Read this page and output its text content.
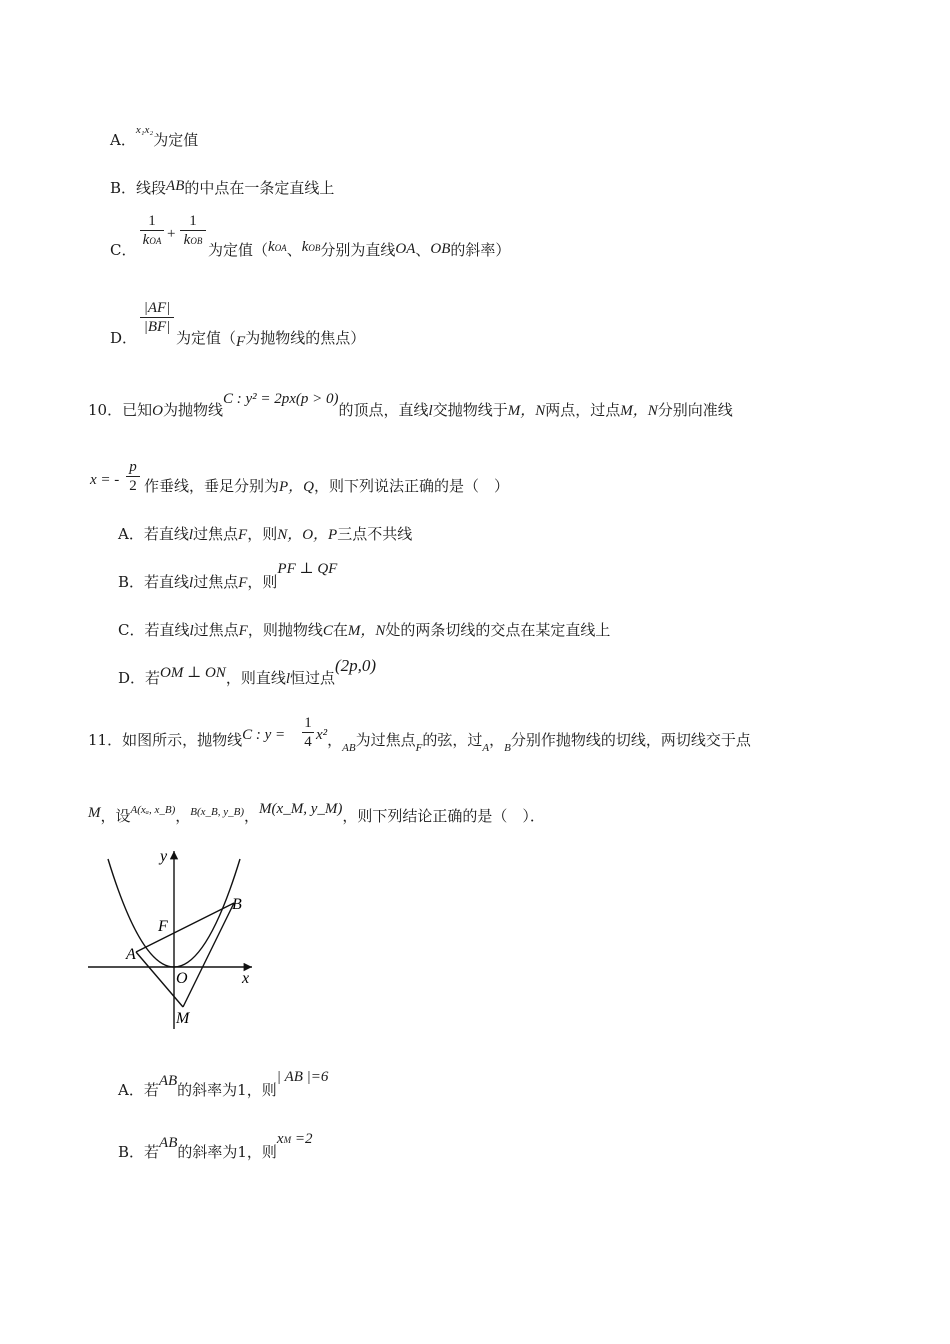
A．$^{x_1x_2}$为定值
B．线段AB的中点在一条定直线上
C．
1
kOA +
1
kOB 为定值（kOA、kOB分别为直线OA、OB的斜率）
D．
|AF|
|BF|
为定值（F为抛物线的焦点）
10．已知O为抛物线C : y² = 2px(p > 0)的顶点，直线l交抛物线于M，N两点，过点M，N分别向准线
x = -
p
2 作垂线，垂足分别为P，Q，则下列说法正确的是（　）
A．若直线l过焦点F，则N，O，P三点不共线
B．若直线l过焦点F，则PF ⊥ QF
C．若直线l过焦点F，则抛物线C在M，N处的两条切线的交点在某定直线上
D．若OM ⊥ ON，则直线l恒过点(2p,0)
11．如图所示，抛物线C : y =
1
4 x²，$_{AB}$为过焦点$_F$的弦，过$_A$，$_B$分别作抛物线的切线，两切线交于点
M，设$^{A(x_a, x\_B)}$，$^{B(x\_B, y\_B)}$，M(x_M, y_M)，则下列结论正确的是（　）．
y
x
F
B
A
O
M
A．若AB的斜率为1，则| AB |=6
B．若AB的斜率为1，则xM =2
